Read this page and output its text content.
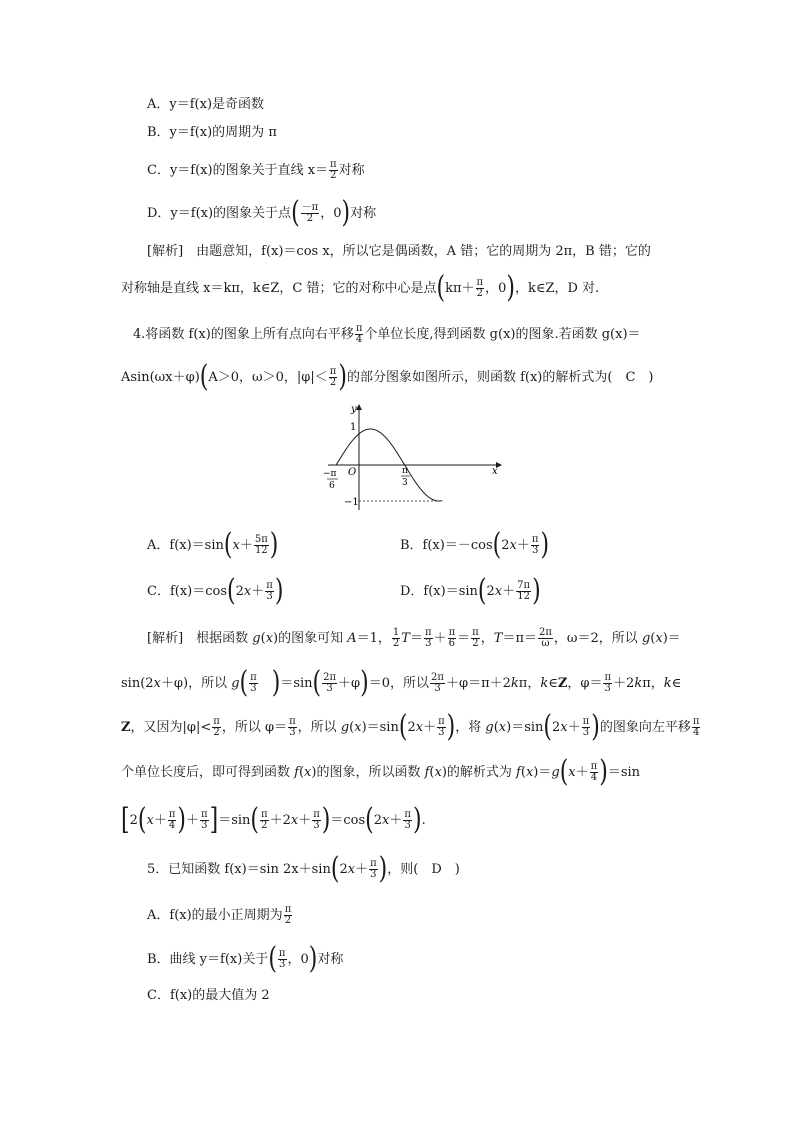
A．y＝f(x)是奇函数
B．y＝f(x)的周期为 π
C．y＝f(x)的图象关于直线 $x= \frac{\pi}{2}$ 对称
D．y＝f(x)的图象关于点( $\frac{-\pi}{2}$ ，0)对称
[解析]　由题意知，f(x)＝cos x，所以它是偶函数，A 错；它的周期为 2π，B 错；它的
对称轴是直线 x＝kπ，k∈Z，C 错；它的对称中心是点($k\pi+ \frac{\pi}{2}$ ，0)，k∈Z，D 对.
4.将函数 f(x)的图象上所有点向右平移 $\frac{\pi}{4}$ 个单位长度,得到函数 g(x)的图象.若函数 g(x)＝
Asin(ωx＋φ)(A＞0，ω＞0，$|\varphi|< \frac{\pi}{2}$ )的部分图象如图所示，则函数 f(x)的解析式为(　C　)
y
x
O
1
−1
−π
6
π
3
A．$f(x)=\sin(x+ \frac{5\pi}{12}$ )	B．$f(x)=-\cos(2x+ \frac{\pi}{3}$ )
C．$f(x)=\cos(2x+ \frac{\pi}{3}$ )	D．$f(x)=\sin(2x+ \frac{7\pi}{12}$ )
[解析]　根据函数 g(x)的图象可知 A＝1， $\frac{1}{2} T= \frac{\pi}{3} + \frac{\pi}{6} = \frac{\pi}{2}$ ，$T=\pi= \frac{2\pi}{\omega}$ ，ω＝2，所以 g(x)＝
sin(2x＋φ)，所以 $g( \frac{\pi}{3}$
　 )$=\sin( \frac{2\pi}{3} +\varphi)=0$，所以 $\frac{2\pi}{3} +\varphi=\pi+2k\pi$，k∈Z，$\varphi= \frac{\pi}{3} +2k\pi$，k∈
Z，又因为$|\varphi|< \frac{\pi}{2}$ ，所以 $\varphi= \frac{\pi}{3}$ ，所以 $g(x)=\sin(2x+ \frac{\pi}{3}$ )，将 $g(x)=\sin(2x+ \frac{\pi}{3}$ )的图象向左平移 $\frac{\pi}{4}$
个单位长度后，即可得到函数 f(x)的图象，所以函数 f(x)的解析式为 $f(x)=g(x+ \frac{\pi}{4} )=\sin$
[$2(x+ \frac{\pi}{4}$ )＋ $\frac{\pi}{3} ]=\sin( \frac{\pi}{2} +2x+ \frac{\pi}{3} )=\cos(2x+ \frac{\pi}{3}$ ).
5．已知函数 f(x)＝sin $2x+\sin(2x+ \frac{\pi}{3}$ )，则(　D　)
A．f(x)的最小正周期为 $\frac{\pi}{2}$
B．曲线 y＝f(x)关于( $\frac{\pi}{3}$ ，0)对称
C．f(x)的最大值为 2
